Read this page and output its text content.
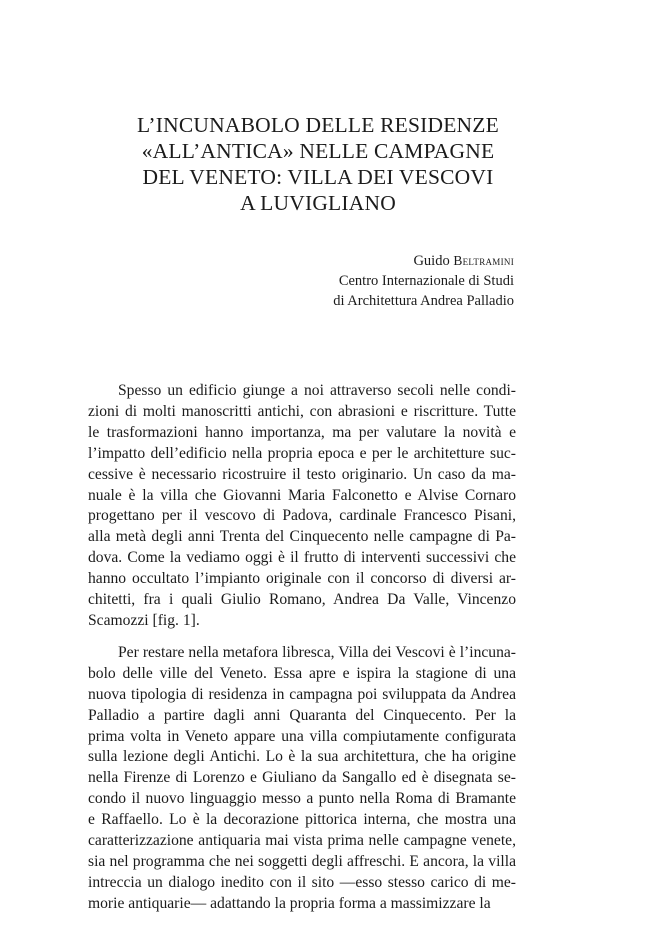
L’INCUNABOLO DELLE RESIDENZE
«ALL’ANTICA» NELLE CAMPAGNE
DEL VENETO: VILLA DEI VESCOVI
A LUVIGLIANO
Guido Beltramini
Centro Internazionale di Studi
di Architettura Andrea Palladio
Spesso un edificio giunge a noi attraverso secoli nelle condi-
zioni di molti manoscritti antichi, con abrasioni e riscritture. Tutte
le trasformazioni hanno importanza, ma per valutare la novità e
l’impatto dell’edificio nella propria epoca e per le architetture suc-
cessive è necessario ricostruire il testo originario. Un caso da ma-
nuale è la villa che Giovanni Maria Falconetto e Alvise Cornaro
progettano per il vescovo di Padova, cardinale Francesco Pisani,
alla metà degli anni Trenta del Cinquecento nelle campagne di Pa-
dova. Come la vediamo oggi è il frutto di interventi successivi che
hanno occultato l’impianto originale con il concorso di diversi ar-
chitetti, fra i quali Giulio Romano, Andrea Da Valle, Vincenzo
Scamozzi [fig. 1].
Per restare nella metafora libresca, Villa dei Vescovi è l’incuna-
bolo delle ville del Veneto. Essa apre e ispira la stagione di una
nuova tipologia di residenza in campagna poi sviluppata da Andrea
Palladio a partire dagli anni Quaranta del Cinquecento. Per la
prima volta in Veneto appare una villa compiutamente configurata
sulla lezione degli Antichi. Lo è la sua architettura, che ha origine
nella Firenze di Lorenzo e Giuliano da Sangallo ed è disegnata se-
condo il nuovo linguaggio messo a punto nella Roma di Bramante
e Raffaello. Lo è la decorazione pittorica interna, che mostra una
caratterizzazione antiquaria mai vista prima nelle campagne venete,
sia nel programma che nei soggetti degli affreschi. E ancora, la villa
intreccia un dialogo inedito con il sito —esso stesso carico di me-
morie antiquarie— adattando la propria forma a massimizzare la
